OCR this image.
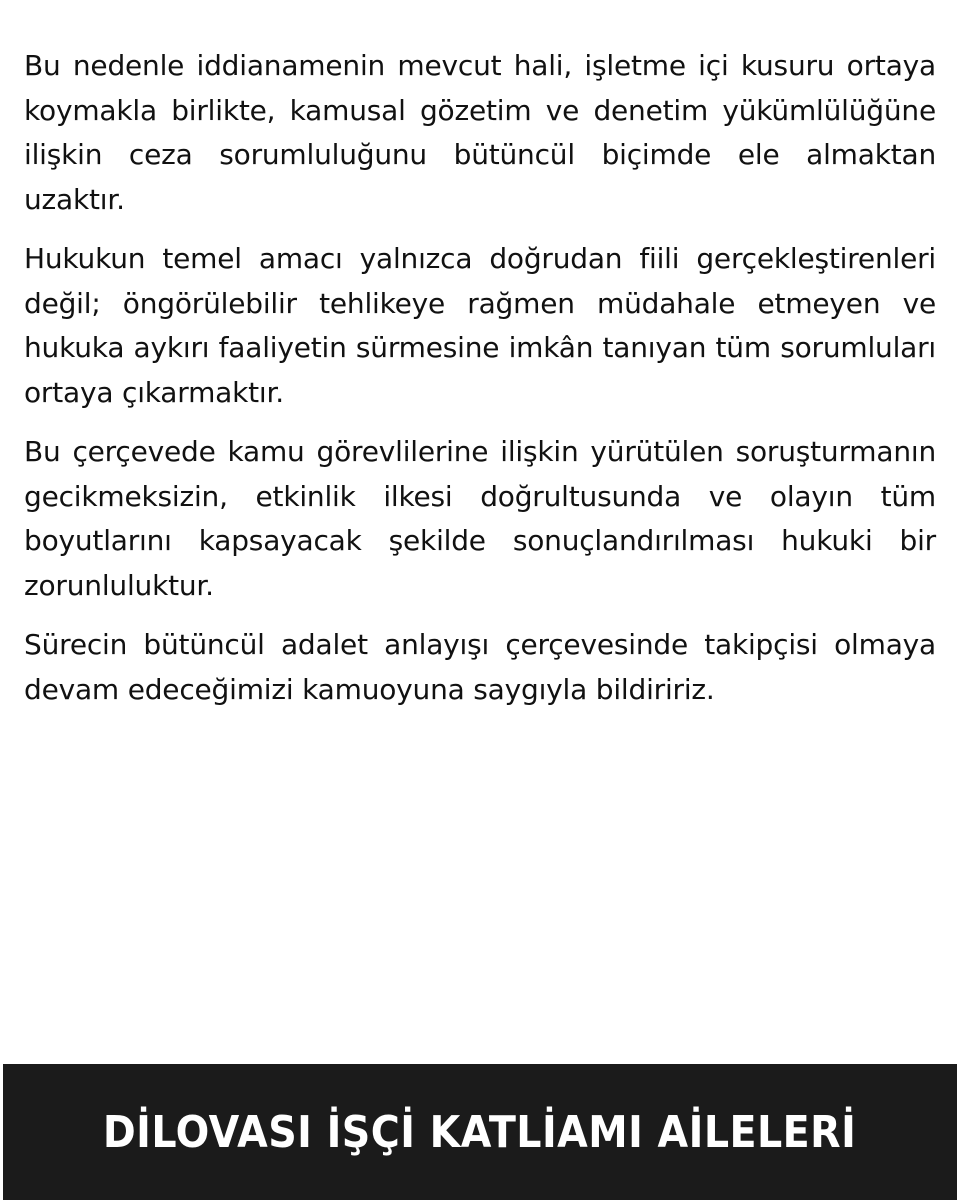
Bu nedenle iddianamenin mevcut hali, işletme içi kusuru ortaya koymakla birlikte, kamusal gözetim ve denetim yükümlülüğüne ilişkin ceza sorumluluğunu bütüncül biçimde ele almaktan uzaktır.

Hukukun temel amacı yalnızca doğrudan fiili gerçekleştirenleri değil; öngörülebilir tehlikeye rağmen müdahale etmeyen ve hukuka aykırı faaliyetin sürmesine imkân tanıyan tüm sorumluları ortaya çıkarmaktır.

Bu çerçevede kamu görevlilerine ilişkin yürütülen soruşturmanın gecikmeksizin, etkinlik ilkesi doğrultusunda ve olayın tüm boyutlarını kapsayacak şekilde sonuçlandırılması hukuki bir zorunluluktur.

Sürecin bütüncül adalet anlayışı çerçevesinde takipçisi olmaya devam edeceğimizi kamuoyuna saygıyla bildiririz.

DİLOVASI İŞÇİ KATLİAMI AİLELERİ
